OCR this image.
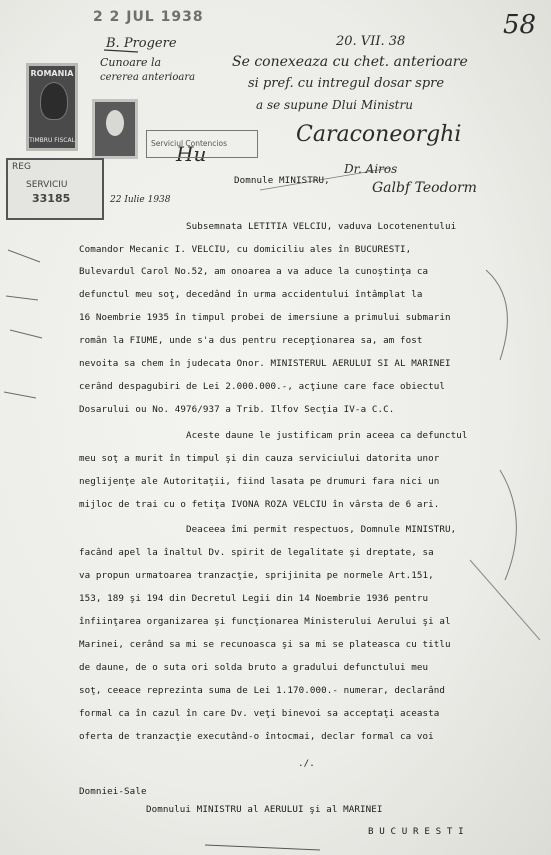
2 2 JUL 1938	58
B. Progere
Cunoare la
cererea anterioara
20. VII. 38
Se conexeaza cu chet. anterioare
si pref. cu intregul dosar spre
a se supune Dlui Ministru
Caraconeorghi
Dr. Airos
Galbf Teodorm
Hu
ROMANIA
TIMBRU FISCAL	Serviciul Contencios
REG
SERVICIU
33185	22 Iulie 1938
Domnule MINISTRU,
Subsemnata LETITIA VELCIU, vaduva Locotenentului
Comandor Mecanic I. VELCIU, cu domiciliu ales în BUCURESTI,
Bulevardul Carol No.52, am onoarea a va aduce la cunoştinţa ca
defunctul meu soţ, decedând în urma accidentului întâmplat la
16 Noembrie 1935 în timpul probei de imersiune a primului submarin
român la FIUME, unde s'a dus pentru recepţionarea sa, am fost
nevoita sa chem în judecata Onor. MINISTERUL AERULUI SI AL MARINEI
cerând despagubiri de Lei 2.000.000.-, acţiune care face obiectul
Dosarului ou No. 4976/937 a Trib. Ilfov Secţia IV-a C.C.
Aceste daune le justificam prin aceea ca defunctul
meu soţ a murit în timpul şi din cauza serviciului datorita unor
neglijenţe ale Autoritaţii, fiind lasata pe drumuri fara nici un
mijloc de trai cu o fetiţa IVONA ROZA VELCIU în vârsta de 6 ari.
Deaceea îmi permit respectuos, Domnule MINISTRU,
facând apel la înaltul Dv. spirit de legalitate şi dreptate, sa
va propun urmatoarea tranzacţie, sprijinita pe normele Art.151,
153, 189 şi 194 din Decretul Legii din 14 Noembrie 1936 pentru
înfiinţarea organizarea şi funcţionarea Ministerului Aerului şi al
Marinei, cerând sa mi se recunoasca şi sa mi se plateasca cu titlu
de daune, de o suta ori solda bruto a gradului defunctului meu
soţ, ceeace reprezinta suma de Lei 1.170.000.- numerar, declarând
formal ca în cazul în care Dv. veţi binevoi sa acceptaţi aceasta
oferta de tranzacţie executând-o întocmai, declar formal ca voi
./.
Domniei-Sale
Domnului MINISTRU al AERULUI şi al MARINEI
B U C U R E S T I
